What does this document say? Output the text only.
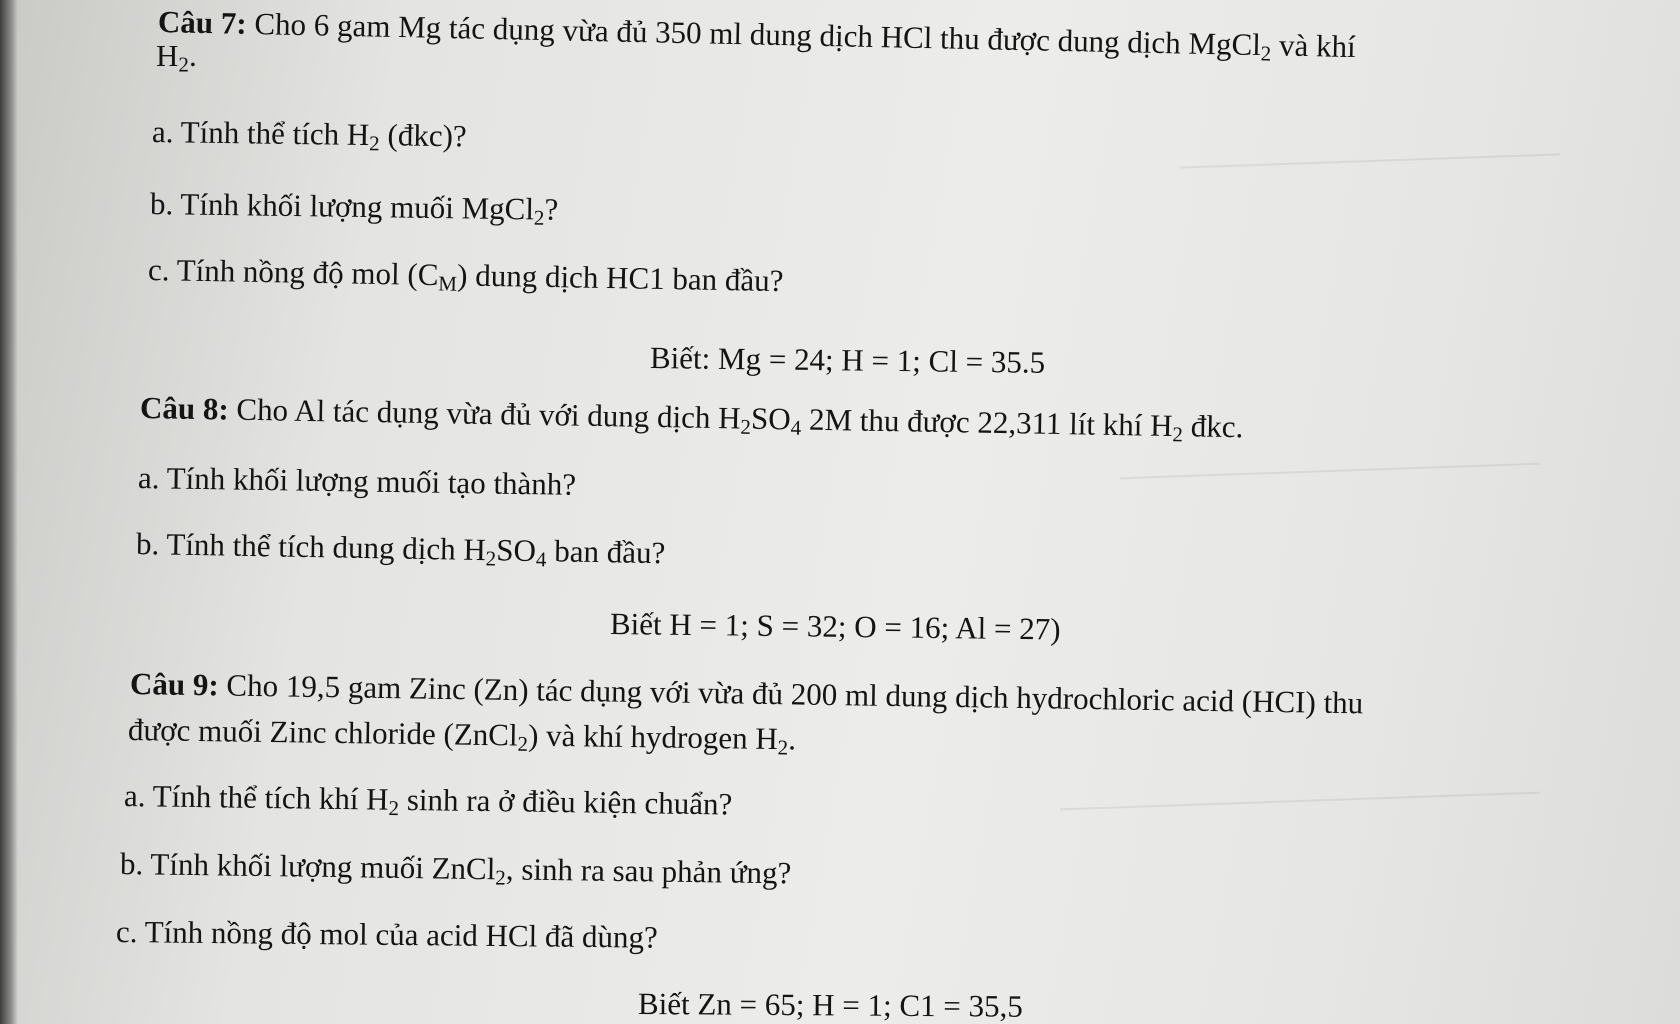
Câu 7: Cho 6 gam Mg tác dụng vừa đủ 350 ml dung dịch HCl thu được dung dịch MgCl$_2$ và khí
$H_2$.
a. Tính thể tích $H_2$ (đkc)?
b. Tính khối lượng muối MgCl$_2$?
c. Tính nồng độ mol $(C_M)$ dung dịch HC1 ban đầu?
Biết: Mg = 24; H = 1; Cl = 35.5
Câu 8: Cho Al tác dụng vừa đủ với dung dịch $H_2SO_4$ 2M thu được 22,311 lít khí $H_2$ đkc.
a. Tính khối lượng muối tạo thành?
b. Tính thể tích dung dịch $H_2SO_4$ ban đầu?
Biết H = 1; S = 32; O = 16; Al = 27)
Câu 9: Cho 19,5 gam Zinc (Zn) tác dụng với vừa đủ 200 ml dung dịch hydrochloric acid (HCI) thu
được muối Zinc chloride (ZnCl$_2$) và khí hydrogen $H_2$.
a. Tính thể tích khí $H_2$ sinh ra ở điều kiện chuẩn?
b. Tính khối lượng muối ZnCl$_2$, sinh ra sau phản ứng?
c. Tính nồng độ mol của acid HCl đã dùng?
Biết Zn = 65; H = 1; C1 = 35,5
